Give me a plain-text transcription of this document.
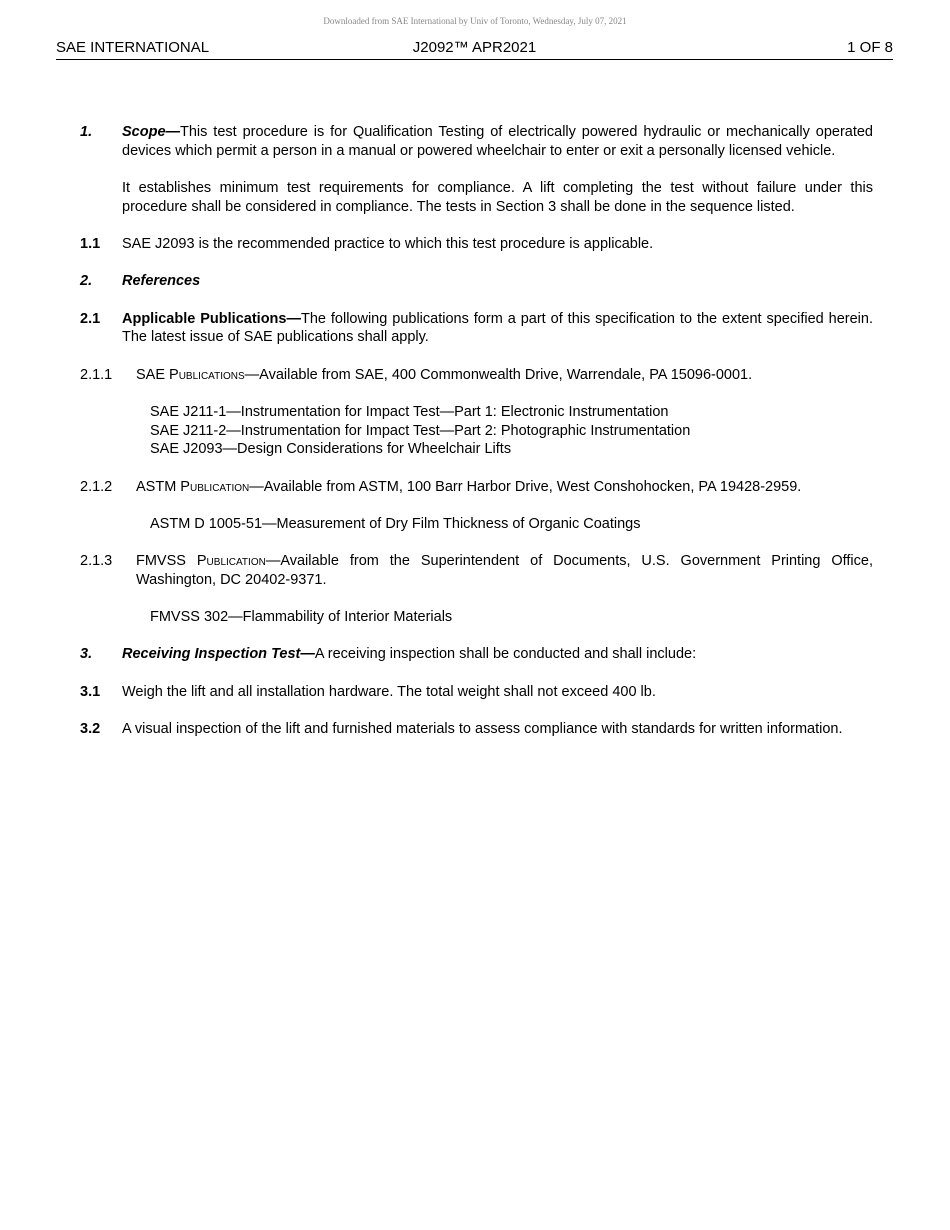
Downloaded from SAE International by Univ of Toronto, Wednesday, July 07, 2021
SAE INTERNATIONAL	J2092™ APR2021	1 OF 8
1. Scope—This test procedure is for Qualification Testing of electrically powered hydraulic or mechanically operated devices which permit a person in a manual or powered wheelchair to enter or exit a personally licensed vehicle.
It establishes minimum test requirements for compliance. A lift completing the test without failure under this procedure shall be considered in compliance. The tests in Section 3 shall be done in the sequence listed.
1.1 SAE J2093 is the recommended practice to which this test procedure is applicable.
2. References
2.1 Applicable Publications—The following publications form a part of this specification to the extent specified herein. The latest issue of SAE publications shall apply.
2.1.1 SAE Publications—Available from SAE, 400 Commonwealth Drive, Warrendale, PA 15096-0001.
SAE J211-1—Instrumentation for Impact Test—Part 1: Electronic Instrumentation
SAE J211-2—Instrumentation for Impact Test—Part 2: Photographic Instrumentation
SAE J2093—Design Considerations for Wheelchair Lifts
2.1.2 ASTM Publication—Available from ASTM, 100 Barr Harbor Drive, West Conshohocken, PA 19428-2959.
ASTM D 1005-51—Measurement of Dry Film Thickness of Organic Coatings
2.1.3 FMVSS Publication—Available from the Superintendent of Documents, U.S. Government Printing Office, Washington, DC 20402-9371.
FMVSS 302—Flammability of Interior Materials
3. Receiving Inspection Test—A receiving inspection shall be conducted and shall include:
3.1 Weigh the lift and all installation hardware. The total weight shall not exceed 400 lb.
3.2 A visual inspection of the lift and furnished materials to assess compliance with standards for written information.
